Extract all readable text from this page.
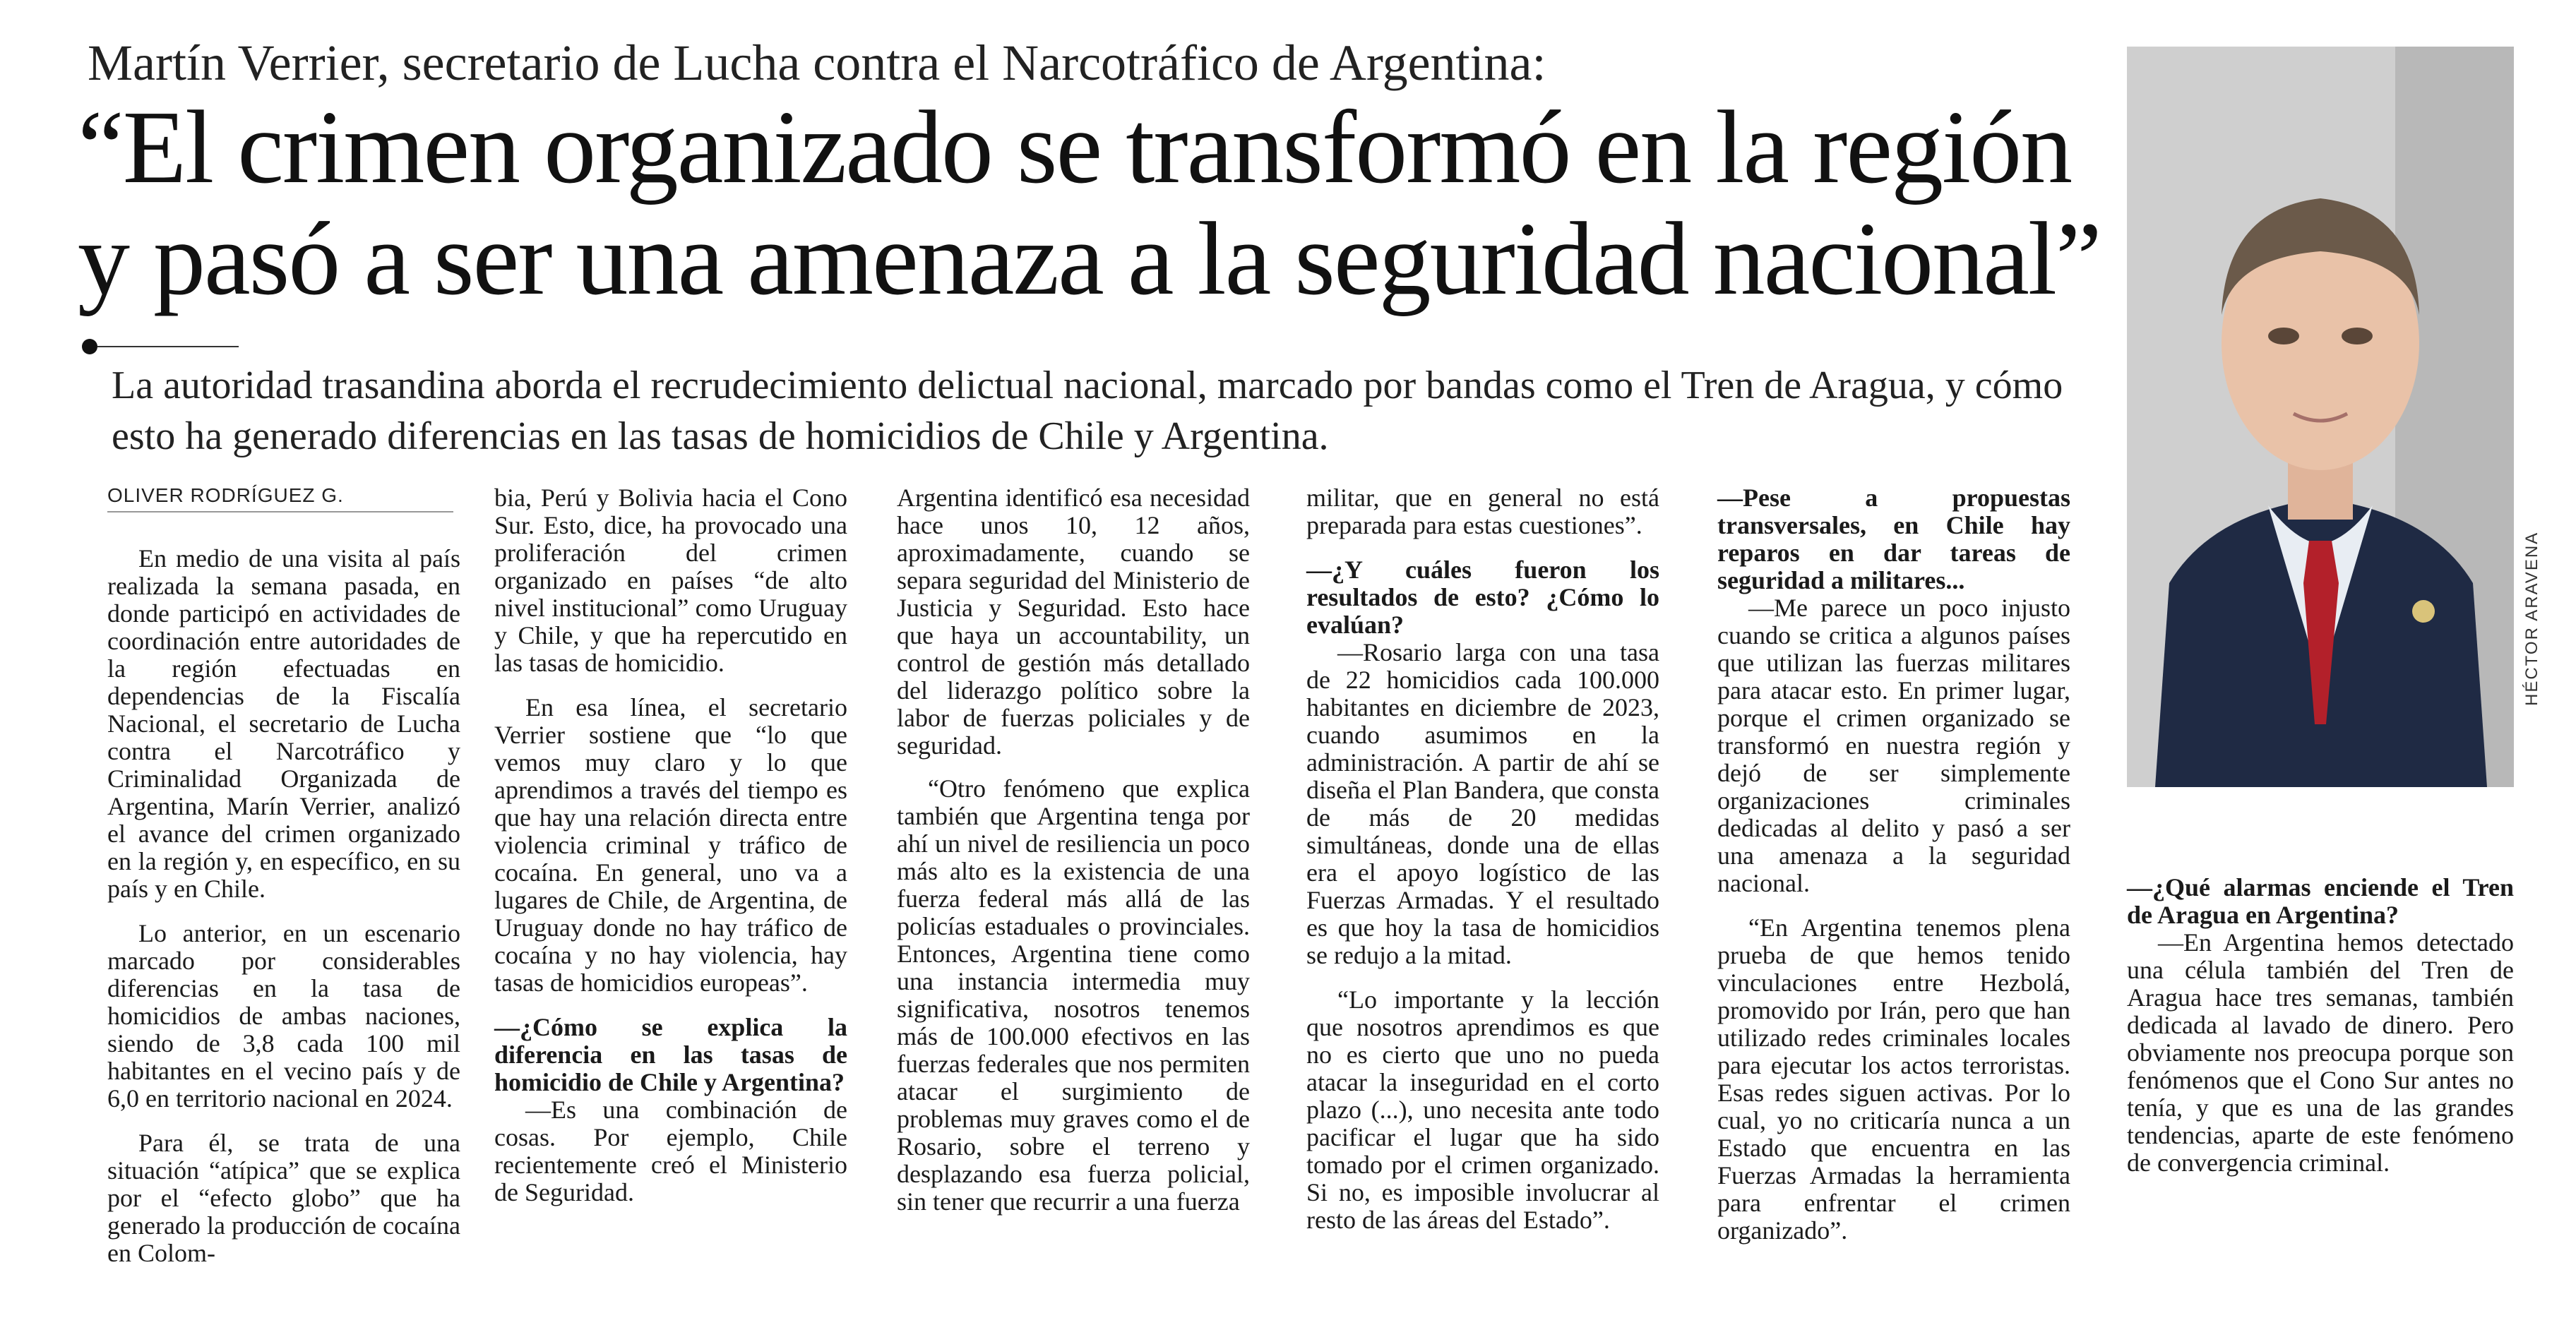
Martín Verrier, secretario de Lucha contra el Narcotráfico de Argentina:
“El crimen organizado se transformó en la región
y pasó a ser una amenaza a la seguridad nacional”
La autoridad trasandina aborda el recrudecimiento delictual nacional, marcado por bandas como el Tren de Aragua, y cómo esto ha generado diferencias en las tasas de homicidios de Chile y Argentina.
HÉCTOR ARAVENA
OLIVER RODRÍGUEZ G.

En medio de una visita al país realizada la semana pasada, en donde participó en actividades de coordinación entre autoridades de la región efectuadas en dependencias de la Fiscalía Nacional, el secretario de Lucha contra el Narcotráfico y Criminalidad Organizada de Argentina, Marín Verrier, analizó el avance del crimen organizado en la región y, en específico, en su país y en Chile.

Lo anterior, en un escenario marcado por considerables diferencias en la tasa de homicidios de ambas naciones, siendo de 3,8 cada 100 mil habitantes en el vecino país y de 6,0 en territorio nacional en 2024.

Para él, se trata de una situación “atípica” que se explica por el “efecto globo” que ha generado la producción de cocaína en Colom-

bia, Perú y Bolivia hacia el Cono Sur. Esto, dice, ha provocado una proliferación del crimen organizado en países “de alto nivel institucional” como Uruguay y Chile, y que ha repercutido en las tasas de homicidio.

En esa línea, el secretario Verrier sostiene que “lo que vemos muy claro y lo que aprendimos a través del tiempo es que hay una relación directa entre violencia criminal y tráfico de cocaína. En general, uno va a lugares de Chile, de Argentina, de Uruguay donde no hay tráfico de cocaína y no hay violencia, hay tasas de homicidios europeas”.

—¿Cómo se explica la diferencia en las tasas de homicidio de Chile y Argentina?

—Es una combinación de cosas. Por ejemplo, Chile recientemente creó el Ministerio de Seguridad.

Argentina identificó esa necesidad hace unos 10, 12 años, aproximadamente, cuando se separa seguridad del Ministerio de Justicia y Seguridad. Esto hace que haya un accountability, un control de gestión más detallado del liderazgo político sobre la labor de fuerzas policiales y de seguridad.

“Otro fenómeno que explica también que Argentina tenga por ahí un nivel de resiliencia un poco más alto es la existencia de una fuerza federal más allá de las policías estaduales o provinciales. Entonces, Argentina tiene como una instancia intermedia muy significativa, nosotros tenemos más de 100.000 efectivos en las fuerzas federales que nos permiten atacar el surgimiento de problemas muy graves como el de Rosario, sobre el terreno y desplazando esa fuerza policial, sin tener que recurrir a una fuerza

militar, que en general no está preparada para estas cuestiones”.

—¿Y cuáles fueron los resultados de esto? ¿Cómo lo evalúan?

—Rosario larga con una tasa de 22 homicidios cada 100.000 habitantes en diciembre de 2023, cuando asumimos en la administración. A partir de ahí se diseña el Plan Bandera, que consta de más de 20 medidas simultáneas, donde una de ellas era el apoyo logístico de las Fuerzas Armadas. Y el resultado es que hoy la tasa de homicidios se redujo a la mitad.

“Lo importante y la lección que nosotros aprendimos es que no es cierto que uno no pueda atacar la inseguridad en el corto plazo (...), uno necesita ante todo pacificar el lugar que ha sido tomado por el crimen organizado. Si no, es imposible involucrar al resto de las áreas del Estado”.

—Pese a propuestas transversales, en Chile hay reparos en dar tareas de seguridad a militares...

—Me parece un poco injusto cuando se critica a algunos países que utilizan las fuerzas militares para atacar esto. En primer lugar, porque el crimen organizado se transformó en nuestra región y dejó de ser simplemente organizaciones criminales dedicadas al delito y pasó a ser una amenaza a la seguridad nacional.

“En Argentina tenemos plena prueba de que hemos tenido vinculaciones entre Hezbolá, promovido por Irán, pero que han utilizado redes criminales locales para ejecutar los actos terroristas. Esas redes siguen activas. Por lo cual, yo no criticaría nunca a un Estado que encuentra en las Fuerzas Armadas la herramienta para enfrentar el crimen organizado”.

—¿Qué alarmas enciende el Tren de Aragua en Argentina?

—En Argentina hemos detectado una célula también del Tren de Aragua hace tres semanas, también dedicada al lavado de dinero. Pero obviamente nos preocupa porque son fenómenos que el Cono Sur antes no tenía, y que es una de las grandes tendencias, aparte de este fenómeno de convergencia criminal.
